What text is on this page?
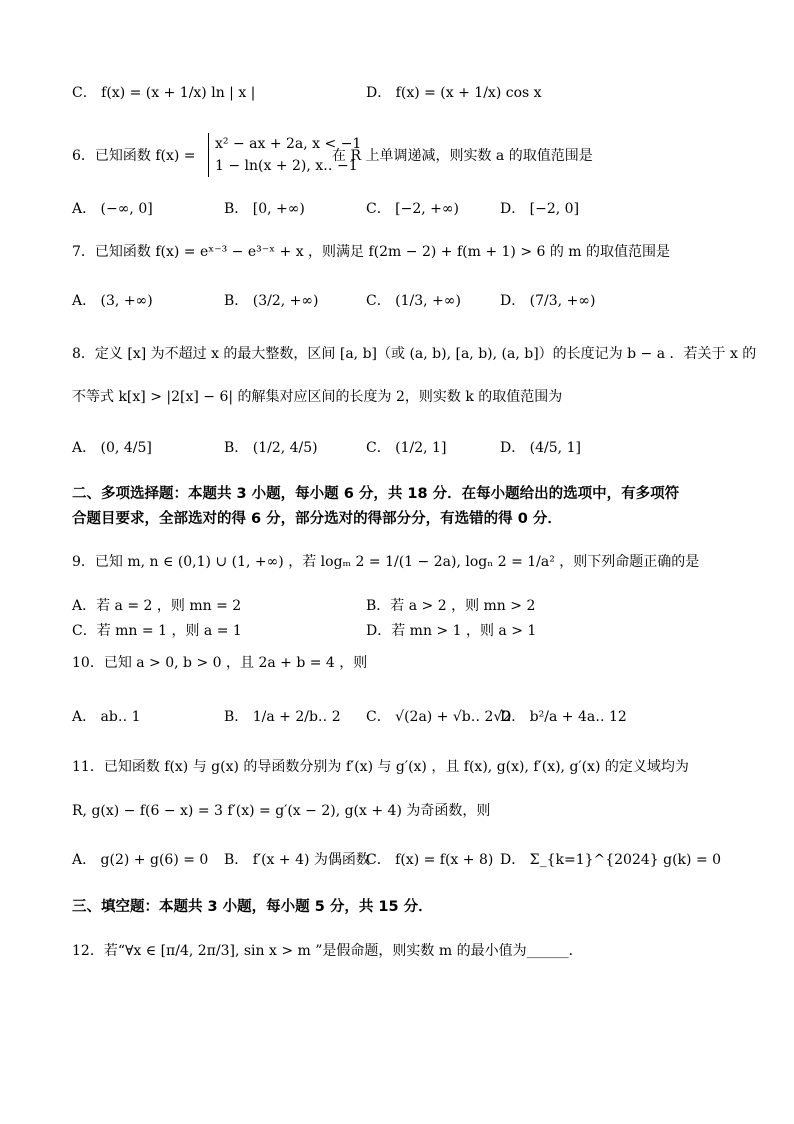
C． f(x) = (x + 1/x) ln | x |	D． f(x) = (x + 1/x) cos x
6．已知函数 f(x) =
x² − ax + 2a, x < −1
1 − ln(x + 2), x‥ −1
在 R 上单调递减，则实数 a 的取值范围是
A． (−∞, 0]	B． [0, +∞)	C． [−2, +∞)	D． [−2, 0]
7．已知函数 f(x) = eˣ⁻³ − e³⁻ˣ + x ，则满足 f(2m − 2) + f(m + 1) > 6 的 m 的取值范围是
A． (3, +∞)	B． (3/2, +∞)	C． (1/3, +∞)	D． (7/3, +∞)
8．定义 [x] 为不超过 x 的最大整数，区间 [a, b]（或 (a, b), [a, b), (a, b]）的长度记为 b − a ．若关于 x 的
不等式 k[x] > |2[x] − 6| 的解集对应区间的长度为 2，则实数 k 的取值范围为
A． (0, 4/5]	B． (1/2, 4/5)	C． (1/2, 1]	D． (4/5, 1]
二、多项选择题：本题共 3 小题，每小题 6 分，共 18 分．在每小题给出的选项中，有多项符
合题目要求，全部选对的得 6 分，部分选对的得部分分，有选错的得 0 分．
9．已知 m, n ∈ (0,1) ∪ (1, +∞) ，若 logₘ 2 = 1/(1 − 2a), logₙ 2 = 1/a² ，则下列命题正确的是
A．若 a = 2 ，则 mn = 2	B．若 a > 2 ，则 mn > 2
C．若 mn = 1 ，则 a = 1	D．若 mn > 1 ，则 a > 1
10．已知 a > 0, b > 0 ，且 2a + b = 4 ，则
A． ab‥ 1	B． 1/a + 2/b‥ 2 C． √(2a) + √b‥ 2√2
D． b²/a + 4a‥ 12
11．已知函数 f(x) 与 g(x) 的导函数分别为 f′(x) 与 g′(x) ，且 f(x), g(x), f′(x), g′(x) 的定义域均为
R, g(x) − f(6 − x) = 3 f′(x) = g′(x − 2), g(x + 4) 为奇函数，则
A． g(2) + g(6) = 0 B． f′(x + 4) 为偶函数
C． f(x) = f(x + 8) D． Σ_{k=1}^{2024} g(k) = 0
三、填空题：本题共 3 小题，每小题 5 分，共 15 分．
12．若“∀x ∈ [π/4, 2π/3], sin x > m ”是假命题，则实数 m 的最小值为______．
